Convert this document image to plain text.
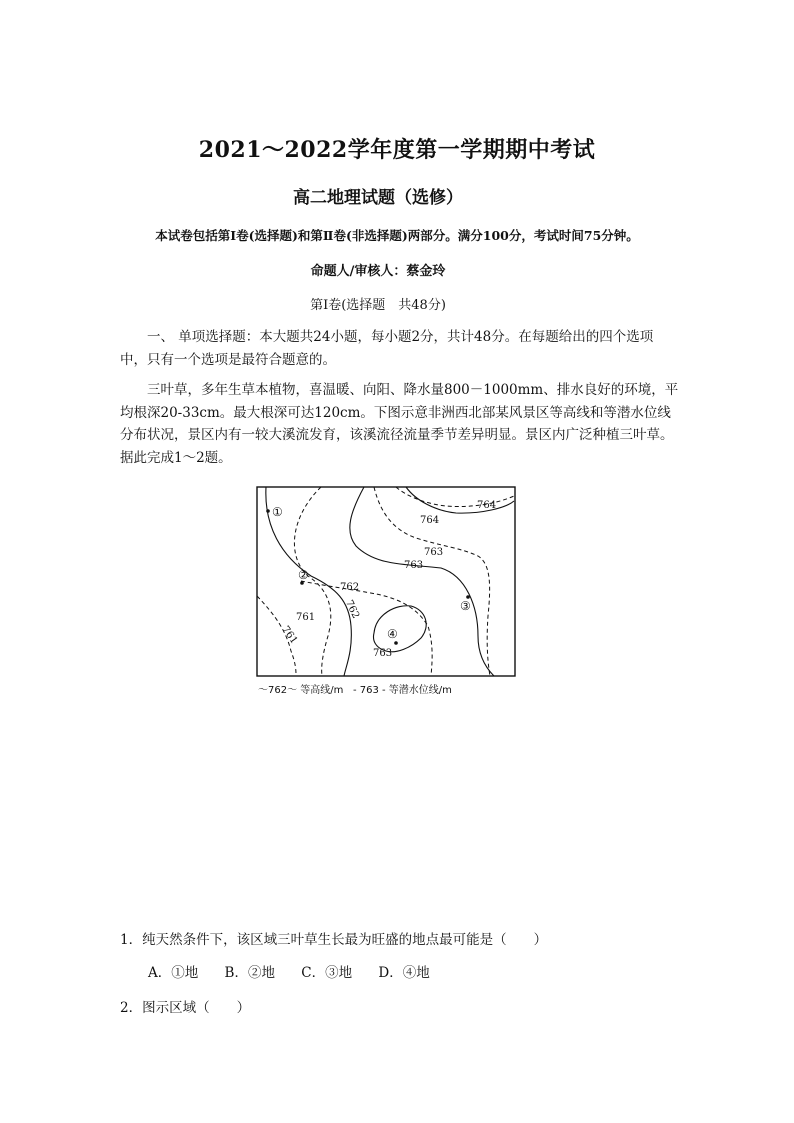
2021～2022学年度第一学期期中考试
高二地理试题（选修）
本试卷包括第Ⅰ卷(选择题)和第Ⅱ卷(非选择题)两部分。满分100分，考试时间75分钟。
命题人/审核人：蔡金玲
第Ⅰ卷(选择题　共48分)
一、 单项选择题：本大题共24小题，每小题2分，共计48分。在每题给出的四个选项中，只有一个选项是最符合题意的。
三叶草，多年生草本植物，喜温暖、向阳、降水量800－1000mm、排水良好的环境，平均根深20-33cm。最大根深可达120cm。下图示意非洲西北部某风景区等高线和等潜水位线分布状况，景区内有一较大溪流发育，该溪流径流量季节差异明显。景区内广泛种植三叶草。据此完成1～2题。
764
764
763
763
762
762
761
761
763
①
②
③
④
～762～ 等高线/m - 763 - 等潜水位线/m
1．纯天然条件下，该区域三叶草生长最为旺盛的地点最可能是（　　）
A．①地 B．②地 C．③地 D．④地
2．图示区域（　　）
